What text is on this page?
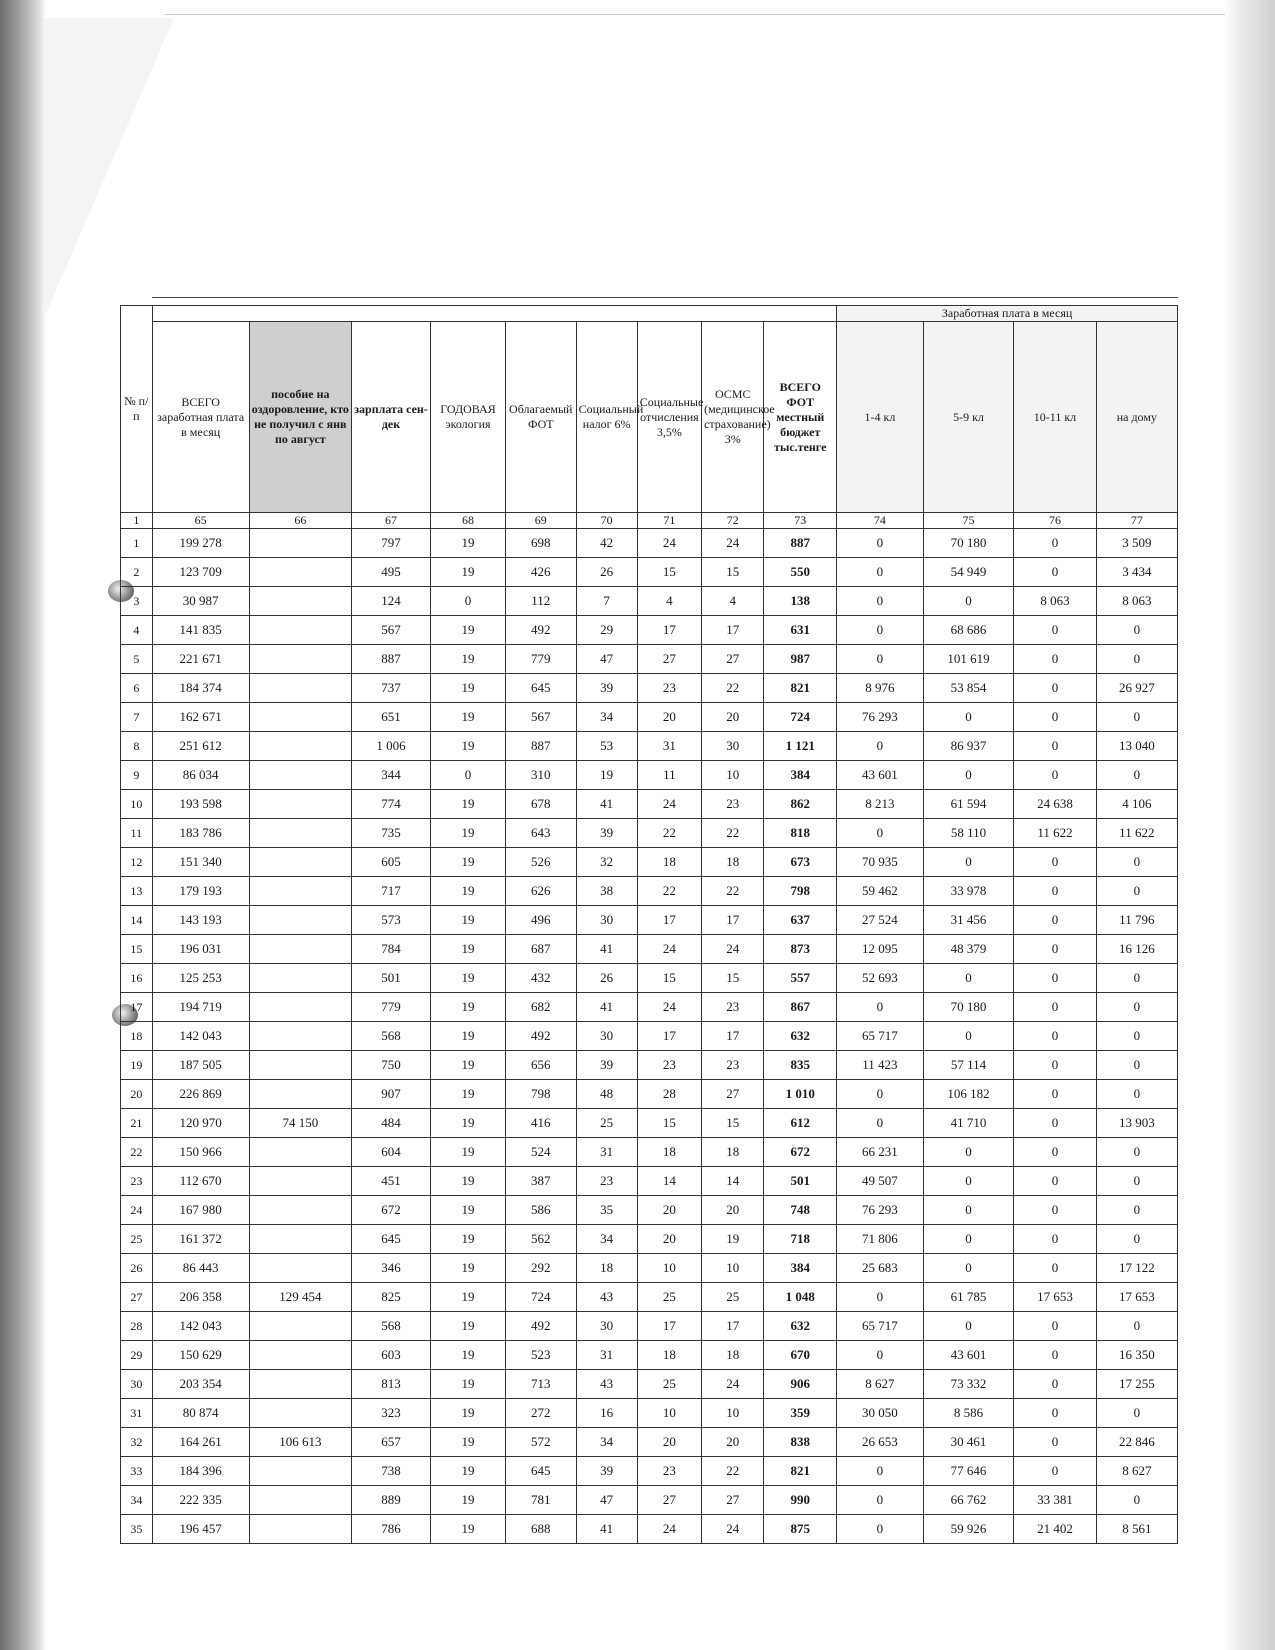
№ п/п										Заработная плата в месяц			
	ВСЕГО заработная плата в месяц	пособие на оздоровление, кто не получил с янв по август	зарплата сен-дек	ГОДОВАЯ экология	Облагаемый ФОТ	Социальный налог 6%	Социальные отчисления 3,5%	ОСМС (медицинское страхование) 3%	ВСЕГО ФОТ местный бюджет тыс.тенге	1-4 кл	5-9 кл	10-11 кл	на дому
1	65	66	67	68	69	70	71	72	73	74	75	76	77
1	199 278		797	19	698	42	24	24	887	0	70 180	0	3 509
2	123 709		495	19	426	26	15	15	550	0	54 949	0	3 434
3	30 987		124	0	112	7	4	4	138	0	0	8 063	8 063
4	141 835		567	19	492	29	17	17	631	0	68 686	0	0
5	221 671		887	19	779	47	27	27	987	0	101 619	0	0
6	184 374		737	19	645	39	23	22	821	8 976	53 854	0	26 927
7	162 671		651	19	567	34	20	20	724	76 293	0	0	0
8	251 612		1 006	19	887	53	31	30	1 121	0	86 937	0	13 040
9	86 034		344	0	310	19	11	10	384	43 601	0	0	0
10	193 598		774	19	678	41	24	23	862	8 213	61 594	24 638	4 106
11	183 786		735	19	643	39	22	22	818	0	58 110	11 622	11 622
12	151 340		605	19	526	32	18	18	673	70 935	0	0	0
13	179 193		717	19	626	38	22	22	798	59 462	33 978	0	0
14	143 193		573	19	496	30	17	17	637	27 524	31 456	0	11 796
15	196 031		784	19	687	41	24	24	873	12 095	48 379	0	16 126
16	125 253		501	19	432	26	15	15	557	52 693	0	0	0
17	194 719		779	19	682	41	24	23	867	0	70 180	0	0
18	142 043		568	19	492	30	17	17	632	65 717	0	0	0
19	187 505		750	19	656	39	23	23	835	11 423	57 114	0	0
20	226 869		907	19	798	48	28	27	1 010	0	106 182	0	0
21	120 970	74 150	484	19	416	25	15	15	612	0	41 710	0	13 903
22	150 966		604	19	524	31	18	18	672	66 231	0	0	0
23	112 670		451	19	387	23	14	14	501	49 507	0	0	0
24	167 980		672	19	586	35	20	20	748	76 293	0	0	0
25	161 372		645	19	562	34	20	19	718	71 806	0	0	0
26	86 443		346	19	292	18	10	10	384	25 683	0	0	17 122
27	206 358	129 454	825	19	724	43	25	25	1 048	0	61 785	17 653	17 653
28	142 043		568	19	492	30	17	17	632	65 717	0	0	0
29	150 629		603	19	523	31	18	18	670	0	43 601	0	16 350
30	203 354		813	19	713	43	25	24	906	8 627	73 332	0	17 255
31	80 874		323	19	272	16	10	10	359	30 050	8 586	0	0
32	164 261	106 613	657	19	572	34	20	20	838	26 653	30 461	0	22 846
33	184 396		738	19	645	39	23	22	821	0	77 646	0	8 627
34	222 335		889	19	781	47	27	27	990	0	66 762	33 381	0
35	196 457		786	19	688	41	24	24	875	0	59 926	21 402	8 561
